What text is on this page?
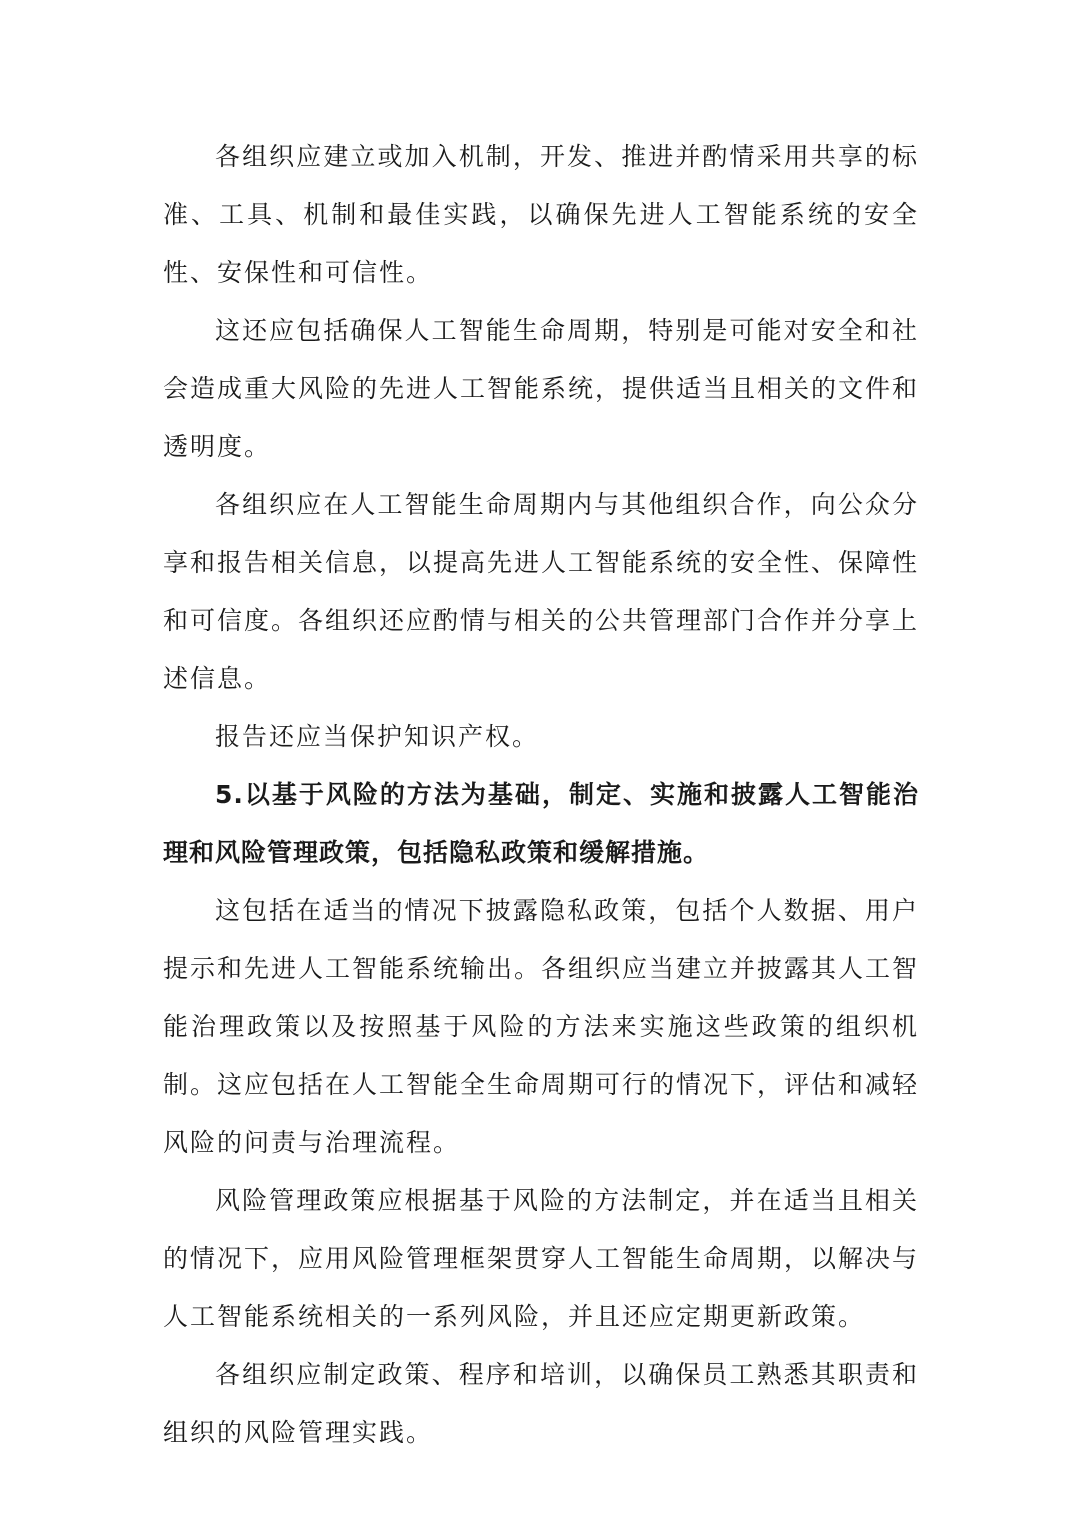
各组织应建立或加入机制，开发、推进并酌情采用共享的标准、工具、机制和最佳实践，以确保先进人工智能系统的安全性、安保性和可信性。

这还应包括确保人工智能生命周期，特别是可能对安全和社会造成重大风险的先进人工智能系统，提供适当且相关的文件和透明度。

各组织应在人工智能生命周期内与其他组织合作，向公众分享和报告相关信息，以提高先进人工智能系统的安全性、保障性和可信度。各组织还应酌情与相关的公共管理部门合作并分享上述信息。

报告还应当保护知识产权。

5.以基于风险的方法为基础，制定、实施和披露人工智能治理和风险管理政策，包括隐私政策和缓解措施。

这包括在适当的情况下披露隐私政策，包括个人数据、用户提示和先进人工智能系统输出。各组织应当建立并披露其人工智能治理政策以及按照基于风险的方法来实施这些政策的组织机制。这应包括在人工智能全生命周期可行的情况下，评估和减轻风险的问责与治理流程。

风险管理政策应根据基于风险的方法制定，并在适当且相关的情况下，应用风险管理框架贯穿人工智能生命周期，以解决与人工智能系统相关的一系列风险，并且还应定期更新政策。

各组织应制定政策、程序和培训，以确保员工熟悉其职责和组织的风险管理实践。
